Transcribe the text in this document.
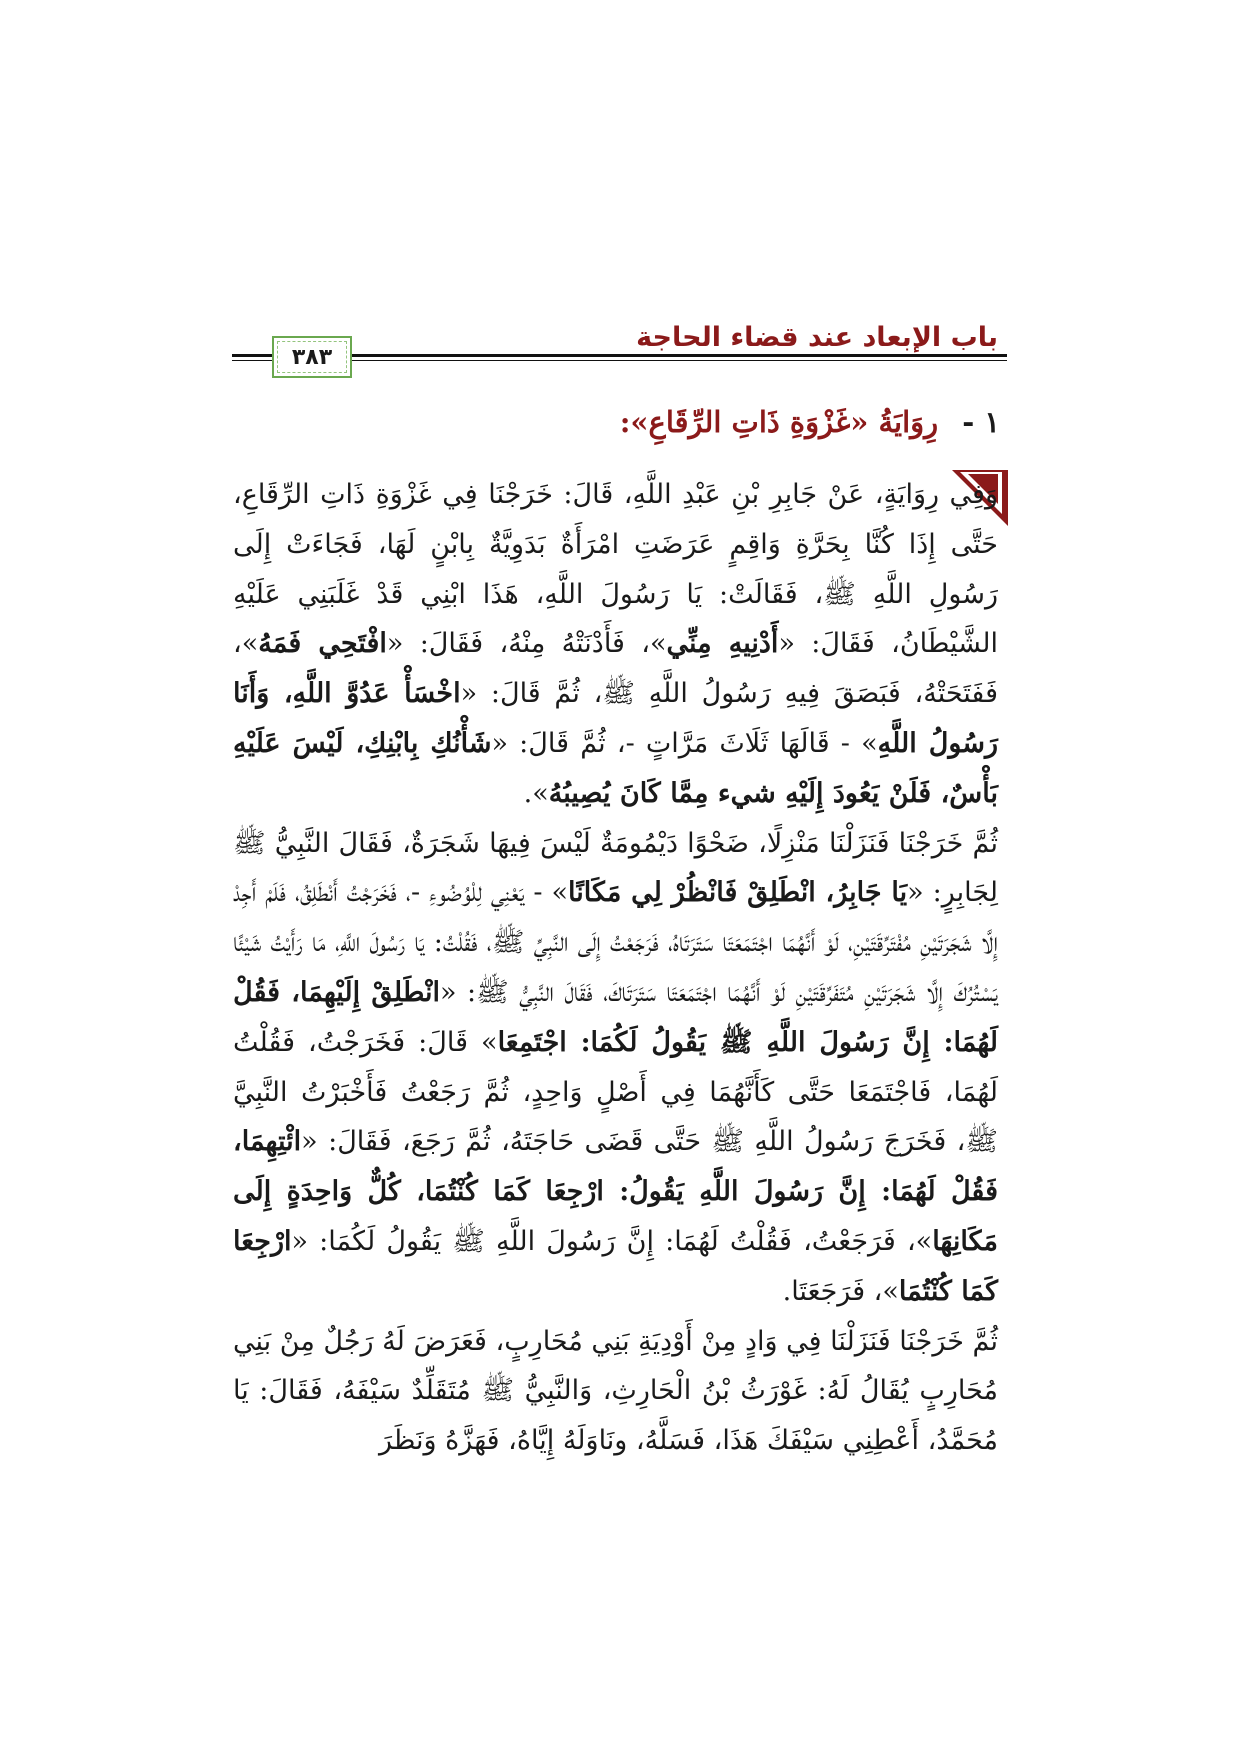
باب الإبعاد عند قضاء الحاجة
٣٨٣
١ - رِوَايَةُ «غَزْوَةِ ذَاتِ الرِّقَاعِ»:

وَفِي رِوَايَةٍ، عَنْ جَابِرِ بْنِ عَبْدِ اللَّهِ، قَالَ: خَرَجْنَا فِي غَزْوَةِ ذَاتِ الرِّقَاعِ، حَتَّى إِذَا كُنَّا بِحَرَّةِ وَاقِمٍ عَرَضَتِ امْرَأَةٌ بَدَوِيَّةٌ بِابْنٍ لَهَا، فَجَاءَتْ إِلَى رَسُولِ اللَّهِ ﷺ، فَقَالَتْ: يَا رَسُولَ اللَّهِ، هَذَا ابْنِي قَدْ غَلَبَنِي عَلَيْهِ الشَّيْطَانُ، فَقَالَ: «أَدْنِيهِ مِنِّي»، فَأَدْنَتْهُ مِنْهُ، فَقَالَ: «افْتَحِي فَمَهُ»، فَفَتَحَتْهُ، فَبَصَقَ فِيهِ رَسُولُ اللَّهِ ﷺ، ثُمَّ قَالَ: «اخْسَأْ عَدُوَّ اللَّهِ، وَأَنَا رَسُولُ اللَّهِ» - قَالَهَا ثَلَاثَ مَرَّاتٍ -، ثُمَّ قَالَ: «شَأْنُكِ بِابْنِكِ، لَيْسَ عَلَيْهِ بَأْسٌ، فَلَنْ يَعُودَ إِلَيْهِ شيء مِمَّا كَانَ يُصِيبُهُ».

ثُمَّ خَرَجْنَا فَنَزَلْنَا مَنْزِلًا، ضَحْوًا دَيْمُومَةٌ لَيْسَ فِيهَا شَجَرَةٌ، فَقَالَ النَّبِيُّ ﷺ لِجَابِرٍ: «يَا جَابِرُ، انْطَلِقْ فَانْظُرْ لِي مَكَانًا» - يَعْنِي لِلْوُضُوءِ -، فَخَرَجْتُ أَنْطَلِقُ، فَلَمْ أَجِدْ إِلَّا شَجَرَتَيْنِ مُفْتَرِّقَتَيْنِ، لَوْ أَنَّهُمَا اجْتَمَعَتَا سَتَرَتَاهُ، فَرَجَعْتُ إِلَى النَّبِيِّ ﷺ، فَقُلْتُ: يَا رَسُولَ اللَّهِ، مَا رَأَيْتُ شَيْئًا يَسْتُرُكَ إِلَّا شَجَرَتَيْنِ مُتَفَرِّقَتَيْنِ لَوْ أَنَّهُمَا اجْتَمَعَتَا سَتَرَتَاكَ، فَقَالَ النَّبِيُّ ﷺ: «انْطَلِقْ إِلَيْهِمَا، فَقُلْ لَهُمَا: إِنَّ رَسُولَ اللَّهِ ﷺ يَقُولُ لَكُمَا: اجْتَمِعَا» قَالَ: فَخَرَجْتُ، فَقُلْتُ لَهُمَا، فَاجْتَمَعَا حَتَّى كَأَنَّهُمَا فِي أَصْلٍ وَاحِدٍ، ثُمَّ رَجَعْتُ فَأَخْبَرْتُ النَّبِيَّ ﷺ، فَخَرَجَ رَسُولُ اللَّهِ ﷺ حَتَّى قَضَى حَاجَتَهُ، ثُمَّ رَجَعَ، فَقَالَ: «ائْتِهِمَا، فَقُلْ لَهُمَا: إِنَّ رَسُولَ اللَّهِ يَقُولُ: ارْجِعَا كَمَا كُنْتُمَا، كُلٌّ وَاحِدَةٍ إِلَى مَكَانِهَا»، فَرَجَعْتُ، فَقُلْتُ لَهُمَا: إِنَّ رَسُولَ اللَّهِ ﷺ يَقُولُ لَكُمَا: «ارْجِعَا كَمَا كُنْتُمَا»، فَرَجَعَتَا.

ثُمَّ خَرَجْنَا فَنَزَلْنَا فِي وَادٍ مِنْ أَوْدِيَةِ بَنِي مُحَارِبٍ، فَعَرَضَ لَهُ رَجُلٌ مِنْ بَنِي مُحَارِبٍ يُقَالُ لَهُ: غَوْرَثُ بْنُ الْحَارِثِ، وَالنَّبِيُّ ﷺ مُتَقَلِّدٌ سَيْفَهُ، فَقَالَ: يَا مُحَمَّدُ، أَعْطِنِي سَيْفَكَ هَذَا، فَسَلَّهُ، ونَاوَلَهُ إِيَّاهُ، فَهَزَّهُ وَنَظَرَ
